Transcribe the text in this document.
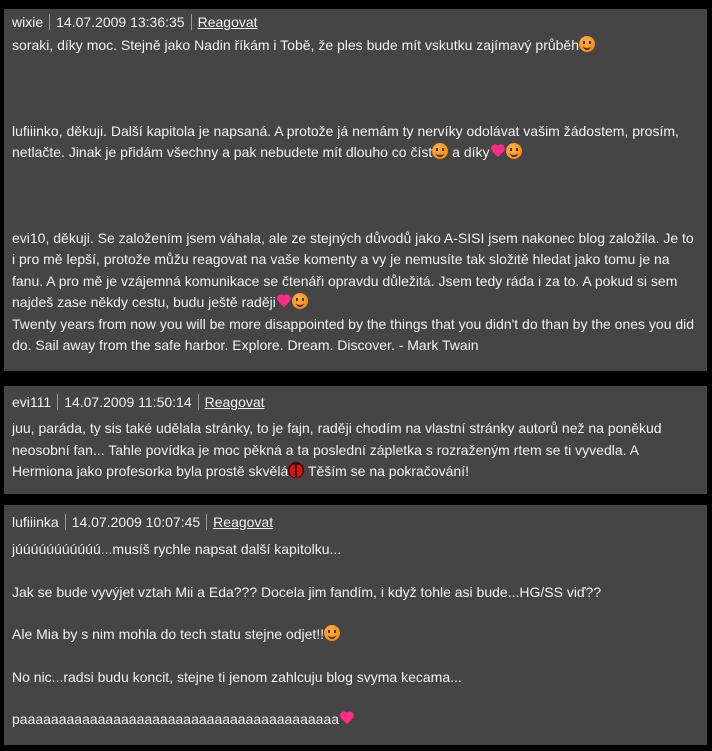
wixie 14.07.2009 13:36:35 Reagovat

soraki, díky moc. Stejně jako Nadin říkám i Tobě, že ples bude mít vskutku zajímavý průběh

lufiiinko, děkuji. Další kapitola je napsaná. A protože já nemám ty nervíky odolávat vašim žádostem, prosím, netlačte. Jinak je přidám všechny a pak nebudete mít dlouho co číst a díky

evi10, děkuji. Se založením jsem váhala, ale ze stejných důvodů jako A-SISI jsem nakonec blog založila. Je to i pro mě lepší, protože můžu reagovat na vaše komenty a vy je nemusíte tak složitě hledat jako tomu je na fanu. A pro mě je vzájemná komunikace se čtenáři opravdu důležitá. Jsem tedy ráda i za to. A pokud si sem najdeš zase někdy cestu, budu ještě raději

Twenty years from now you will be more disappointed by the things that you didn't do than by the ones you did do. Sail away from the safe harbor. Explore. Dream. Discover. - Mark Twain

evi111 14.07.2009 11:50:14 Reagovat

juu, paráda, ty sis také udělala stránky, to je fajn, raději chodím na vlastní stránky autorů než na poněkud neosobní fan... Tahle povídka je moc pěkná a ta poslední zápletka s rozraženým rtem se ti vyvedla. A Hermiona jako profesorka byla prostě skvělá Těším se na pokračování!

lufiiinka 14.07.2009 10:07:45 Reagovat

júúúúúúúúúúú...musíš rychle napsat další kapitolku...

Jak se bude vyvýjet vztah Mii a Eda??? Docela jim fandím, i když tohle asi bude...HG/SS viď??

Ale Mia by s nim mohla do tech statu stejne odjet!!

No nic...radsi budu koncit, stejne ti jenom zahlcuju blog svyma kecama...

paaaaaaaaaaaaaaaaaaaaaaaaaaaaaaaaaaaaaaaaa
